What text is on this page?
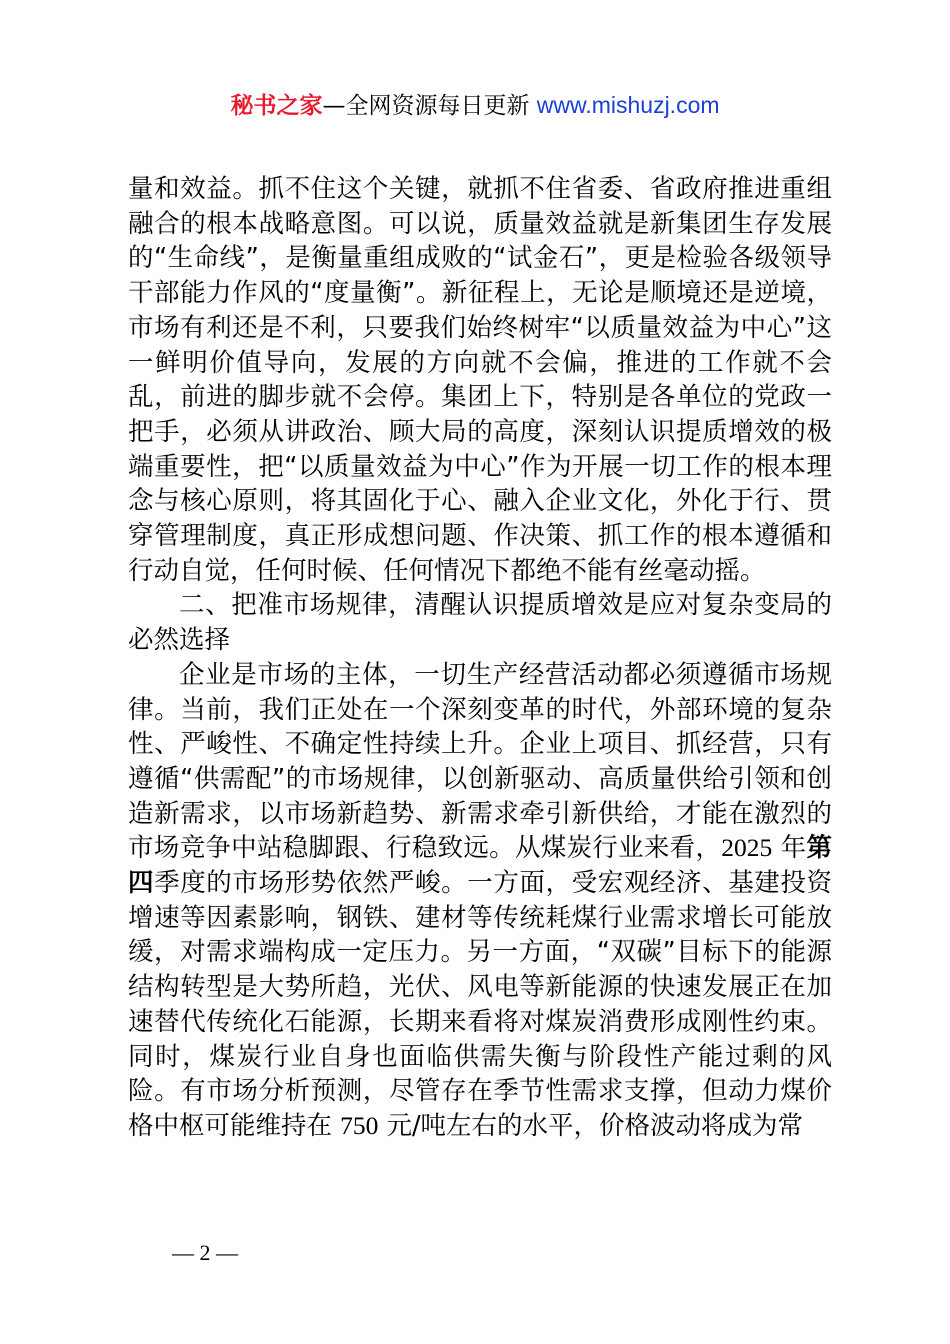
秘书之家—全网资源每日更新 www.mishuzj.com

量和效益。抓不住这个关键，就抓不住省委、省政府推进重组融合的根本战略意图。可以说，质量效益就是新集团生存发展的“生命线”，是衡量重组成败的“试金石”，更是检验各级领导干部能力作风的“度量衡”。新征程上，无论是顺境还是逆境，市场有利还是不利，只要我们始终树牢“以质量效益为中心”这一鲜明价值导向，发展的方向就不会偏，推进的工作就不会乱，前进的脚步就不会停。集团上下，特别是各单位的党政一把手，必须从讲政治、顾大局的高度，深刻认识提质增效的极端重要性，把“以质量效益为中心”作为开展一切工作的根本理念与核心原则，将其固化于心、融入企业文化，外化于行、贯穿管理制度，真正形成想问题、作决策、抓工作的根本遵循和行动自觉，任何时候、任何情况下都绝不能有丝毫动摇。

二、把准市场规律，清醒认识提质增效是应对复杂变局的必然选择

企业是市场的主体，一切生产经营活动都必须遵循市场规律。当前，我们正处在一个深刻变革的时代，外部环境的复杂性、严峻性、不确定性持续上升。企业上项目、抓经营，只有遵循“供需配”的市场规律，以创新驱动、高质量供给引领和创造新需求，以市场新趋势、新需求牵引新供给，才能在激烈的市场竞争中站稳脚跟、行稳致远。从煤炭行业来看，2025 年第四季度的市场形势依然严峻。一方面，受宏观经济、基建投资增速等因素影响，钢铁、建材等传统耗煤行业需求增长可能放缓，对需求端构成一定压力。另一方面，“双碳”目标下的能源结构转型是大势所趋，光伏、风电等新能源的快速发展正在加速替代传统化石能源，长期来看将对煤炭消费形成刚性约束。同时，煤炭行业自身也面临供需失衡与阶段性产能过剩的风险。有市场分析预测，尽管存在季节性需求支撑，但动力煤价格中枢可能维持在 750 元/吨左右的水平，价格波动将成为常

— 2 —
